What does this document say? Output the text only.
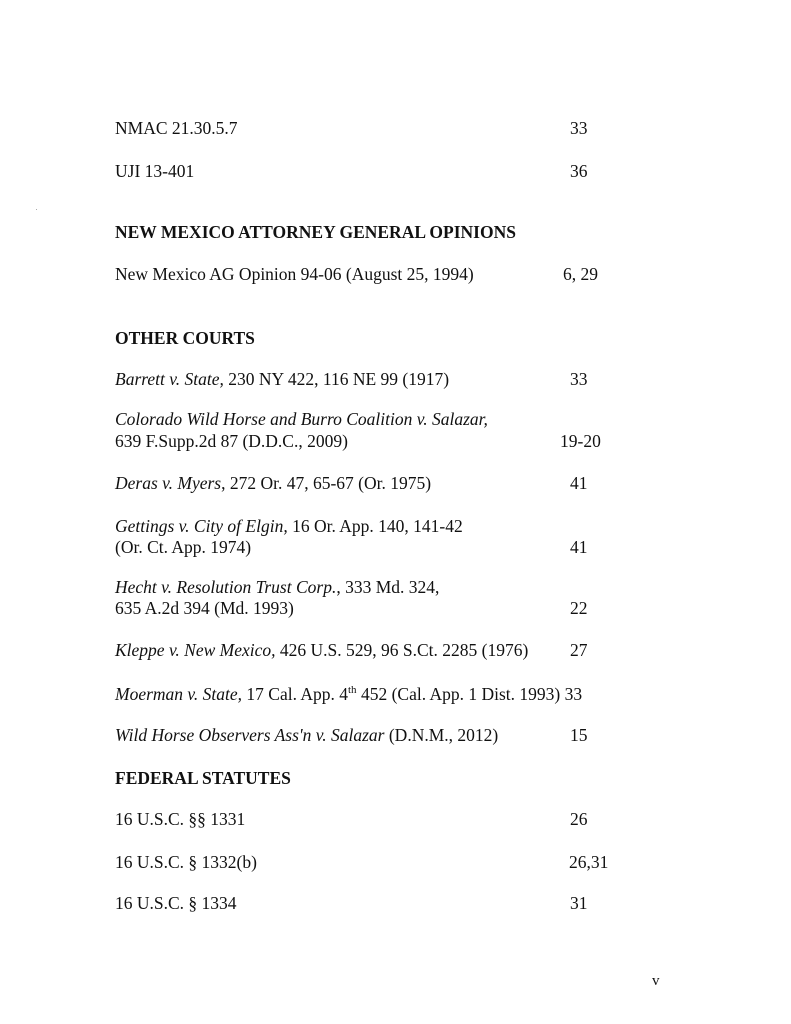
NMAC 21.30.5.7	33
UJI 13-401	36
NEW MEXICO ATTORNEY GENERAL OPINIONS
New Mexico AG Opinion 94-06 (August 25, 1994)	6, 29
OTHER COURTS
Barrett v. State, 230 NY 422, 116 NE 99 (1917)	33
Colorado Wild Horse and Burro Coalition v. Salazar,
639 F.Supp.2d 87 (D.D.C., 2009)	19-20
Deras v. Myers, 272 Or. 47, 65-67 (Or. 1975)	41
Gettings v. City of Elgin, 16 Or. App. 140, 141-42
(Or. Ct. App. 1974)	41
Hecht v. Resolution Trust Corp., 333 Md. 324,
635 A.2d 394 (Md. 1993)	22
Kleppe v. New Mexico, 426 U.S. 529, 96 S.Ct. 2285 (1976) 27
Moerman v. State, 17 Cal. App. 4th 452 (Cal. App. 1 Dist. 1993) 33
Wild Horse Observers Ass'n v. Salazar (D.N.M., 2012)	15
FEDERAL STATUTES
16 U.S.C. §§ 1331	26
16 U.S.C. § 1332(b)	26,31
16 U.S.C. § 1334	31
v
